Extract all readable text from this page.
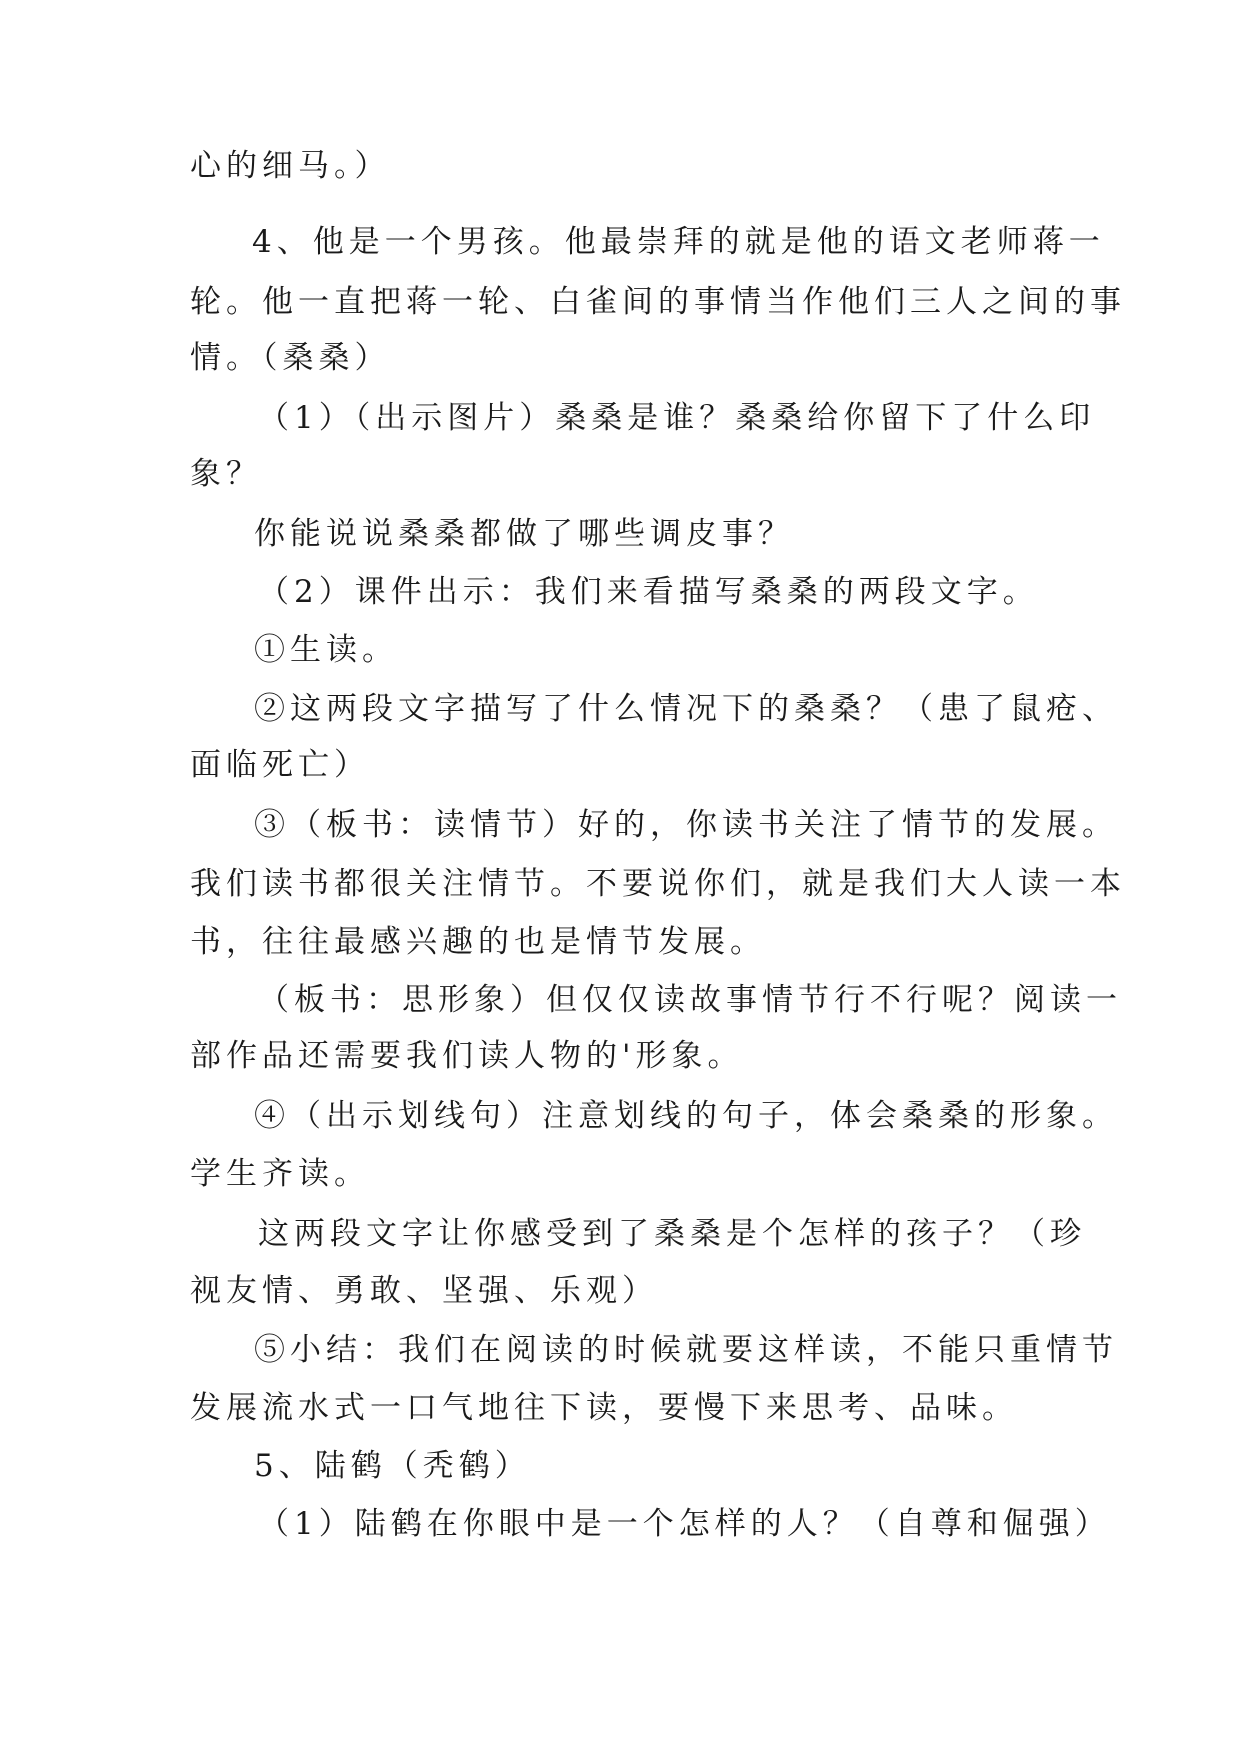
心的细马。）
4、他是一个男孩。他最崇拜的就是他的语文老师蒋一
轮。他一直把蒋一轮、白雀间的事情当作他们三人之间的事
情。（桑桑）
（1）（出示图片）桑桑是谁？桑桑给你留下了什么印
象？
你能说说桑桑都做了哪些调皮事？
（2）课件出示：我们来看描写桑桑的两段文字。
①生读。
②这两段文字描写了什么情况下的桑桑？（患了鼠疮、
面临死亡）
③（板书：读情节）好的，你读书关注了情节的发展。
我们读书都很关注情节。不要说你们，就是我们大人读一本
书，往往最感兴趣的也是情节发展。
（板书：思形象）但仅仅读故事情节行不行呢？阅读一
部作品还需要我们读人物的'形象。
④（出示划线句）注意划线的句子，体会桑桑的形象。
学生齐读。
这两段文字让你感受到了桑桑是个怎样的孩子？（珍
视友情、勇敢、坚强、乐观）
⑤小结：我们在阅读的时候就要这样读，不能只重情节
发展流水式一口气地往下读，要慢下来思考、品味。
5、陆鹤（秃鹤）
（1）陆鹤在你眼中是一个怎样的人？（自尊和倔强）
